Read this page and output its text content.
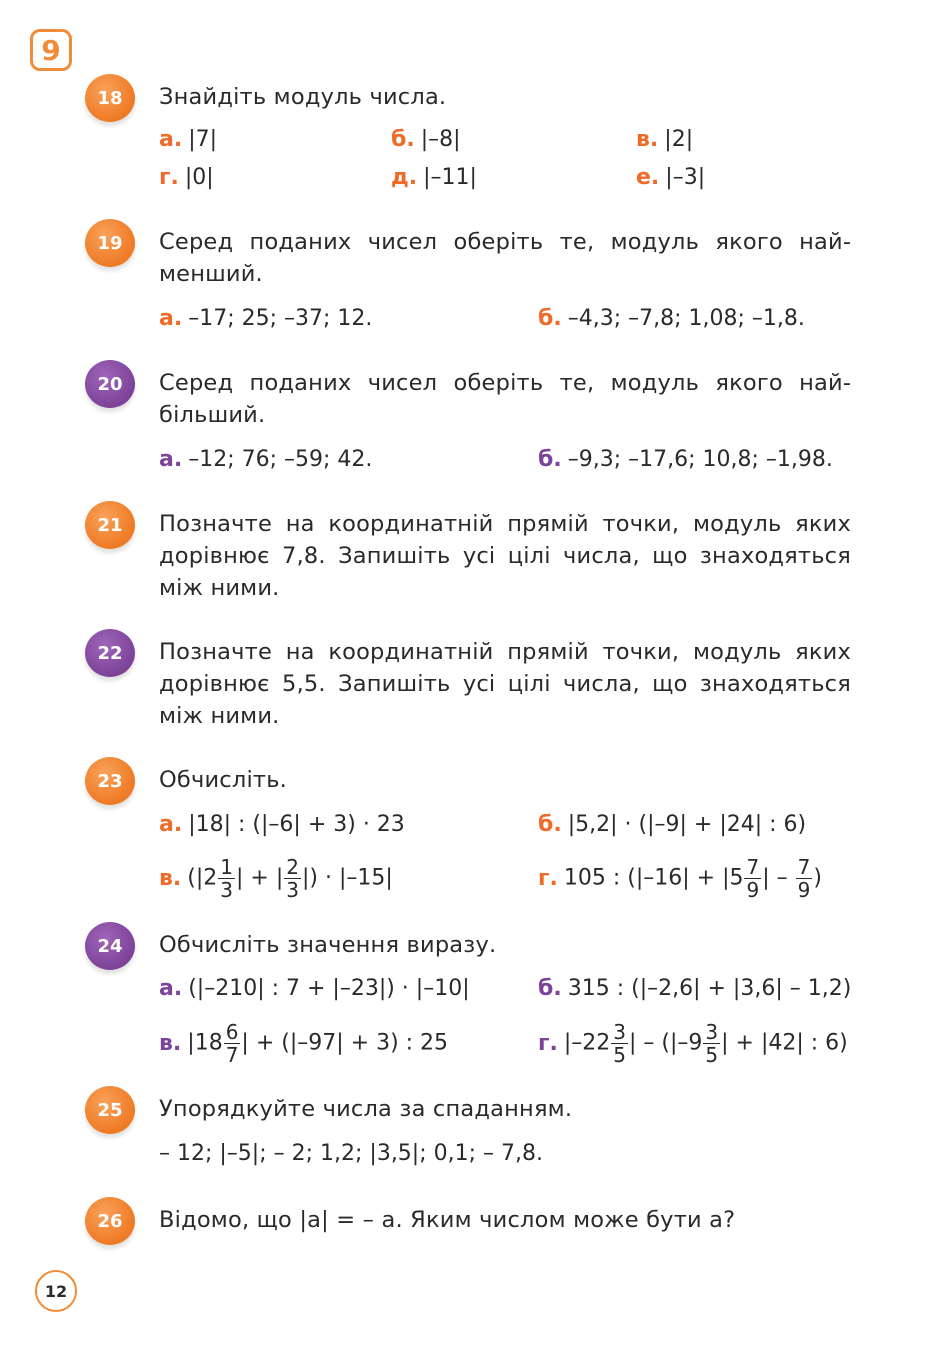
9
18	Знайдіть модуль числа.
а. |7|	б. |–8|	в. |2|
г. |0|	д. |–11|	е. |–3|
19	Серед поданих чисел оберіть те, модуль якого найменший.
а. –17; 25; –37; 12.	б. –4,3; –7,8; 1,08; –1,8.
20	Серед поданих чисел оберіть те, модуль якого найбільший.
а. –12; 76; –59; 42.	б. –9,3; –17,6; 10,8; –1,98.
21	Позначте на координатній прямій точки, модуль яких дорівнює 7,8. Запишіть усі цілі числа, що знаходяться між ними.
22	Позначте на координатній прямій точки, модуль яких дорівнює 5,5. Запишіть усі цілі числа, що знаходяться між ними.
23	Обчисліть.
а. |18| : (|–6| + 3) · 23	б. |5,2| · (|–9| + |24| : 6)
в. ($|2 \frac{1}{3}$ | + | $\frac{2}{3}$ |) · |–15|	г. 105 : ($|-16| + |5 \frac{7}{9}$ | – $\frac{7}{9}$ )
24	Обчисліть значення виразу.
а. (|–210| : 7 + |–23|) · |–10|	б. 315 : (|–2,6| + |3,6| – 1,2)
в. $|18 \frac{6}{7}$ | + (|–97| + 3) : 25	г. $|-22 \frac{3}{5}$ | – ($|-9 \frac{3}{5}$ | + |42| : 6)
25	Упорядкуйте числа за спаданням.
– 12; |–5|; – 2; 1,2; |3,5|; 0,1; – 7,8.
26	Відомо, що |a| = – a. Яким числом може бути а?
12
